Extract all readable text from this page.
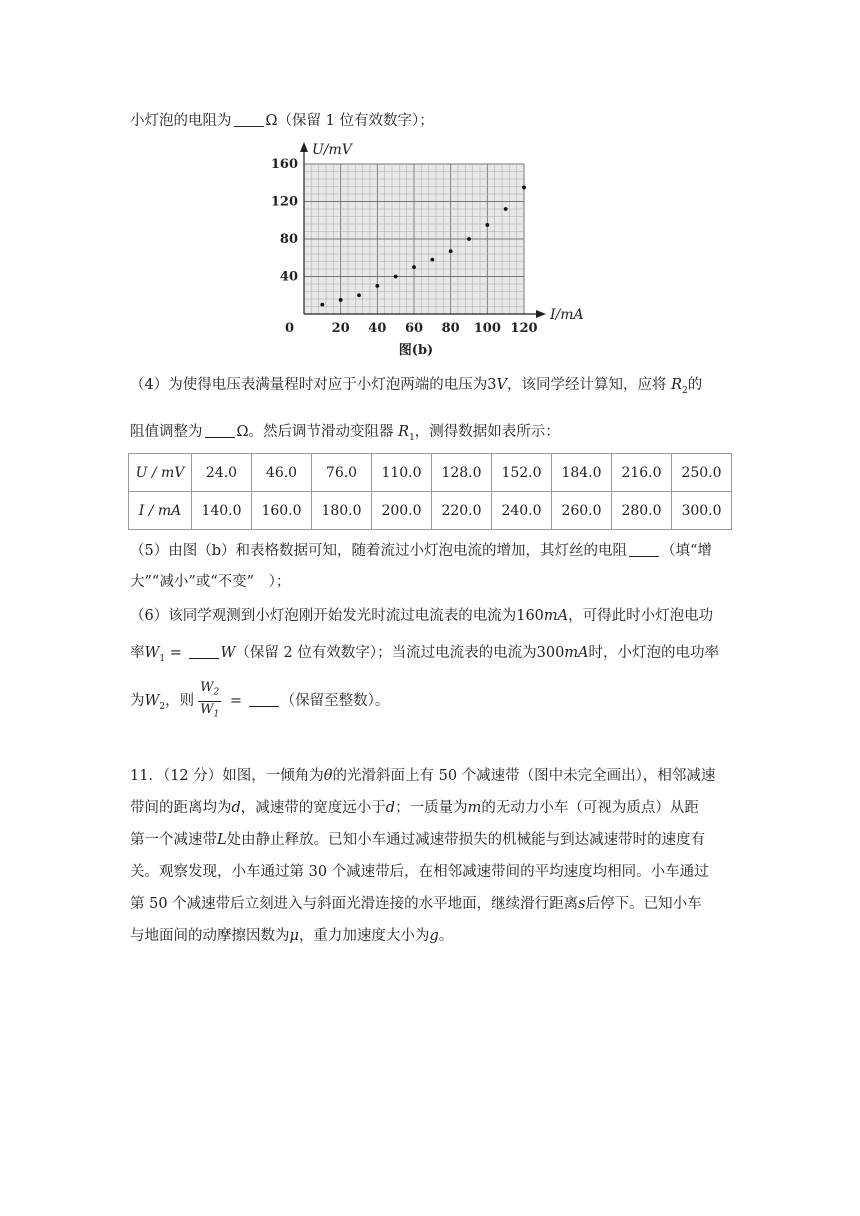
小灯泡的电阻为 Ω（保留 1 位有效数字）；
20 40 60 80 100 120
40
80
120
160
U/mV
I/mA
0
图(b)
（4）为使得电压表满量程时对应于小灯泡两端的电压为3V，该同学经计算知，应将 $R_2$的
阻值调整为 Ω。然后调节滑动变阻器 $R_1$，测得数据如表所示：
U / mV	24.0	46.0	76.0	110.0	128.0	152.0	184.0	216.0	250.0
I / mA	140.0	160.0	180.0	200.0	220.0	240.0	260.0	280.0	300.0
（5）由图（b）和表格数据可知，随着流过小灯泡电流的增加，其灯丝的电阻 （填“增
大”“减小”或“不变”　）；
（6）该同学观测到小灯泡刚开始发光时流过电流表的电流为160mA，可得此时小灯泡电功
率$W_1 = W$（保留 2 位有效数字）；当流过电流表的电流为300mA时，小灯泡的电功率
为$W_2$，则 $\frac{W_2}{W_1}$ = （保留至整数）。
11．（12 分）如图，一倾角为θ的光滑斜面上有 50 个减速带（图中未完全画出），相邻减速
带间的距离均为d，减速带的宽度远小于d；一质量为m的无动力小车（可视为质点）从距
第一个减速带L处由静止释放。已知小车通过减速带损失的机械能与到达减速带时的速度有
关。观察发现，小车通过第 30 个减速带后，在相邻减速带间的平均速度均相同。小车通过
第 50 个减速带后立刻进入与斜面光滑连接的水平地面，继续滑行距离s后停下。已知小车
与地面间的动摩擦因数为μ，重力加速度大小为g。
